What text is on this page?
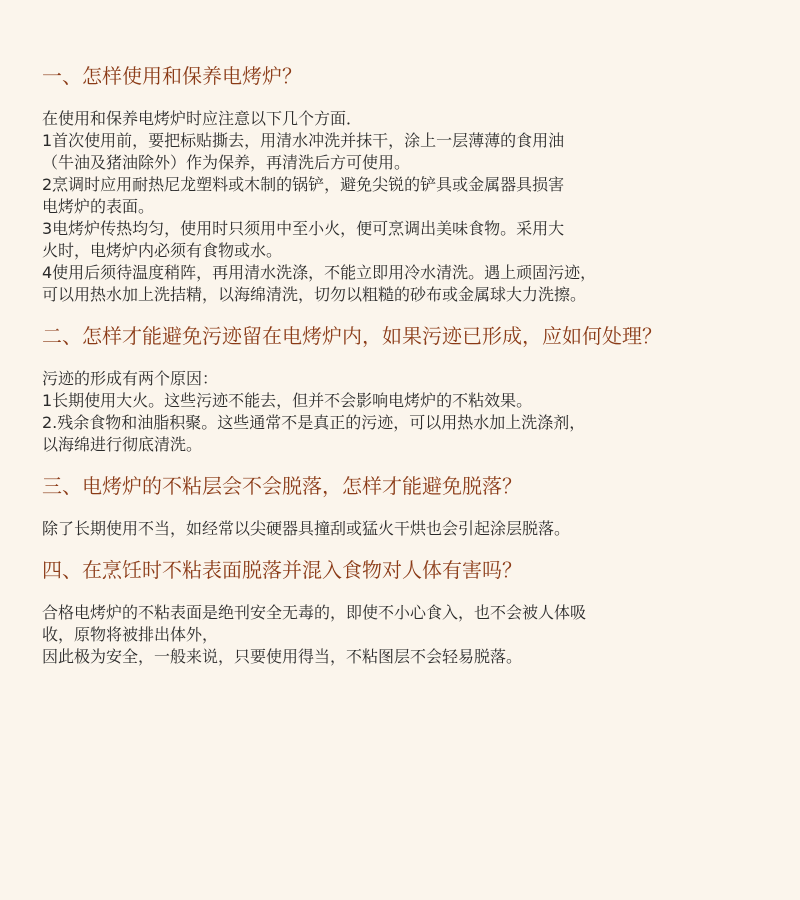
一、怎样使用和保养电烤炉？
在使用和保养电烤炉时应注意以下几个方面．
1首次使用前，要把标贴撕去，用清水冲洗并抹干，涂上一层薄薄的食用油
（牛油及猪油除外）作为保养，再清洗后方可使用。
2烹调时应用耐热尼龙塑料或木制的锅铲，避免尖锐的铲具或金属器具损害
电烤炉的表面。
3电烤炉传热均匀，使用时只须用中至小火，便可烹调出美味食物。采用大
火时，电烤炉内必须有食物或水。
4使用后须待温度稍阵，再用清水洗涤，不能立即用冷水清洗。遇上顽固污迹，
可以用热水加上洗拮精，以海绵清洗，切勿以粗糙的砂布或金属球大力洗擦。
二、怎样才能避免污迹留在电烤炉内，如果污迹已形成，应如何处理？
污迹的形成有两个原因：
1长期使用大火。这些污迹不能去，但并不会影响电烤炉的不粘效果。
2.残余食物和油脂积聚。这些通常不是真正的污迹，可以用热水加上洗涤剂，
以海绵进行彻底清洗。
三、电烤炉的不粘层会不会脱落，怎样才能避免脱落？
除了长期使用不当，如经常以尖硬器具撞刮或猛火干烘也会引起涂层脱落。
四、在烹饪时不粘表面脱落并混入食物对人体有害吗？
合格电烤炉的不粘表面是绝刊安全无毒的，即使不小心食入，也不会被人体吸
收，原物将被排出体外，
因此极为安全，一般来说，只要使用得当，不粘图层不会轻易脱落。
